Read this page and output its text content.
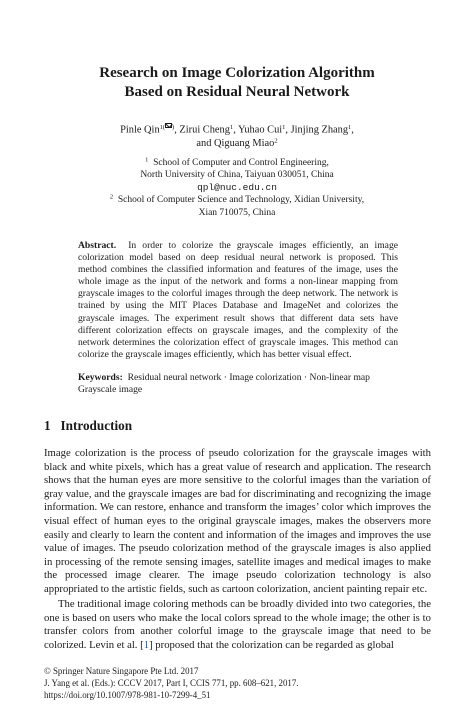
Research on Image Colorization Algorithm

Based on Residual Neural Network

Pinle Qin$^{1( )}$, Zirui Cheng$^1$, Yuhao Cui$^1$, Jinjing Zhang$^1$,

and Qiguang Miao$^2$

$^1$ School of Computer and Control Engineering,

North University of China, Taiyuan 030051, China

qpl@nuc.edu.cn

$^2$ School of Computer Science and Technology, Xidian University,

Xian 710075, China

Abstract. In order to colorize the grayscale images efficiently, an image colorization model based on deep residual neural network is proposed. This method combines the classified information and features of the image, uses the whole image as the input of the network and forms a non-linear mapping from grayscale images to the colorful images through the deep network. The network is trained by using the MIT Places Database and ImageNet and colorizes the grayscale images. The experiment result shows that different data sets have different colorization effects on grayscale images, and the complexity of the network determines the colorization effect of grayscale images. This method can colorize the grayscale images efficiently, which has better visual effect.

Keywords: Residual neural network · Image colorization · Non-linear map Grayscale image

1 Introduction

Image colorization is the process of pseudo colorization for the grayscale images with black and white pixels, which has a great value of research and application. The research shows that the human eyes are more sensitive to the colorful images than the variation of gray value, and the grayscale images are bad for discriminating and recognizing the image information. We can restore, enhance and transform the images’ color which improves the visual effect of human eyes to the original grayscale images, makes the observers more easily and clearly to learn the content and information of the images and improves the use value of images. The pseudo colorization method of the grayscale images is also applied in processing of the remote sensing images, satellite images and medical images to make the processed image clearer. The image pseudo colorization technology is also appropriated to the artistic fields, such as cartoon colorization, ancient painting repair etc.

The traditional image coloring methods can be broadly divided into two categories, the one is based on users who make the local colors spread to the whole image; the other is to transfer colors from another colorful image to the grayscale image that need to be colorized. Levin et al. [1] proposed that the colorization can be regarded as global

© Springer Nature Singapore Pte Ltd. 2017

J. Yang et al. (Eds.): CCCV 2017, Part I, CCIS 771, pp. 608–621, 2017.

https://doi.org/10.1007/978-981-10-7299-4_51
